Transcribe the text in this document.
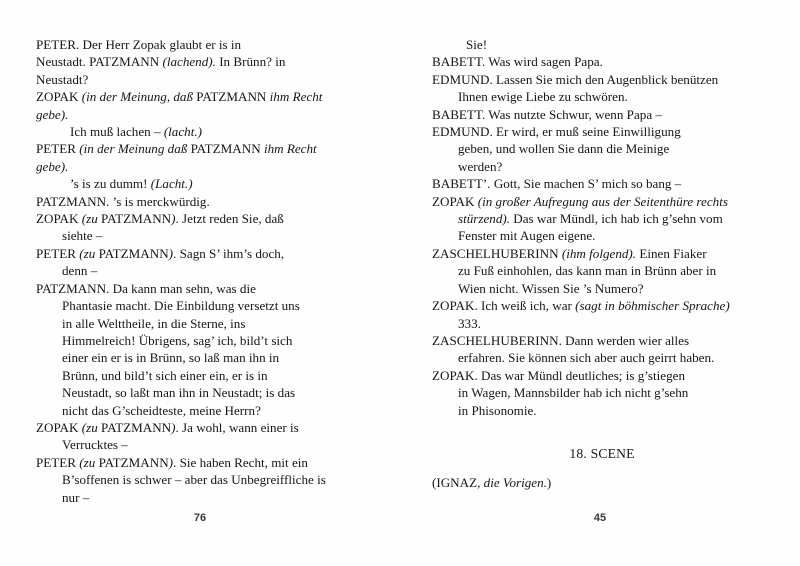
PETER. Der Herr Zopak glaubt er is in
Neustadt. PATZMANN (lachend). In Brünn? in
Neustadt?
ZOPAK (in der Meinung, daß PATZMANN ihm Recht
gebe).
Ich muß lachen – (lacht.)
PETER (in der Meinung daß PATZMANN ihm Recht
gebe).
’s is zu dumm! (Lacht.)
PATZMANN. ’s is merckwürdig.
ZOPAK (zu PATZMANN). Jetzt reden Sie, daß
siehte –
PETER (zu PATZMANN). Sagn S’ ihm’s doch,
denn –
PATZMANN. Da kann man sehn, was die
Phantasie macht. Die Einbildung versetzt uns
in alle Welttheile, in die Sterne, ins
Himmelreich! Übrigens, sag’ ich, bild’t sich
einer ein er is in Brünn, so laß man ihn in
Brünn, und bild’t sich einer ein, er is in
Neustadt, so laßt man ihn in Neustadt; is das
nicht das G’scheidteste, meine Herrn?
ZOPAK (zu PATZMANN). Ja wohl, wann einer is
Verrucktes –
PETER (zu PATZMANN). Sie haben Recht, mit ein
B’soffenen is schwer – aber das Unbegreiffliche is
nur –
76
Sie!
BABETT. Was wird sagen Papa.
EDMUND. Lassen Sie mich den Augenblick benützen
Ihnen ewige Liebe zu schwören.
BABETT. Was nutzte Schwur, wenn Papa –
EDMUND. Er wird, er muß seine Einwilligung
geben, und wollen Sie dann die Meinige
werden?
BABETT’. Gott, Sie machen S’ mich so bang –
ZOPAK (in großer Aufregung aus der Seitenthüre rechts
stürzend). Das war Mündl, ich hab ich g’sehn vom
Fenster mit Augen eigene.
ZASCHELHUBERINN (ihm folgend). Einen Fiaker
zu Fuß einhohlen, das kann man in Brünn aber in
Wien nicht. Wissen Sie ’s Numero?
ZOPAK. Ich weiß ich, war (sagt in böhmischer Sprache)
333.
ZASCHELHUBERINN. Dann werden wier alles
erfahren. Sie können sich aber auch geirrt haben.
ZOPAK. Das war Mündl deutliches; is g’stiegen
in Wagen, Mannsbilder hab ich nicht g’sehn
in Phisonomie.
18. SCENE
(IGNAZ, die Vorigen.)
45
